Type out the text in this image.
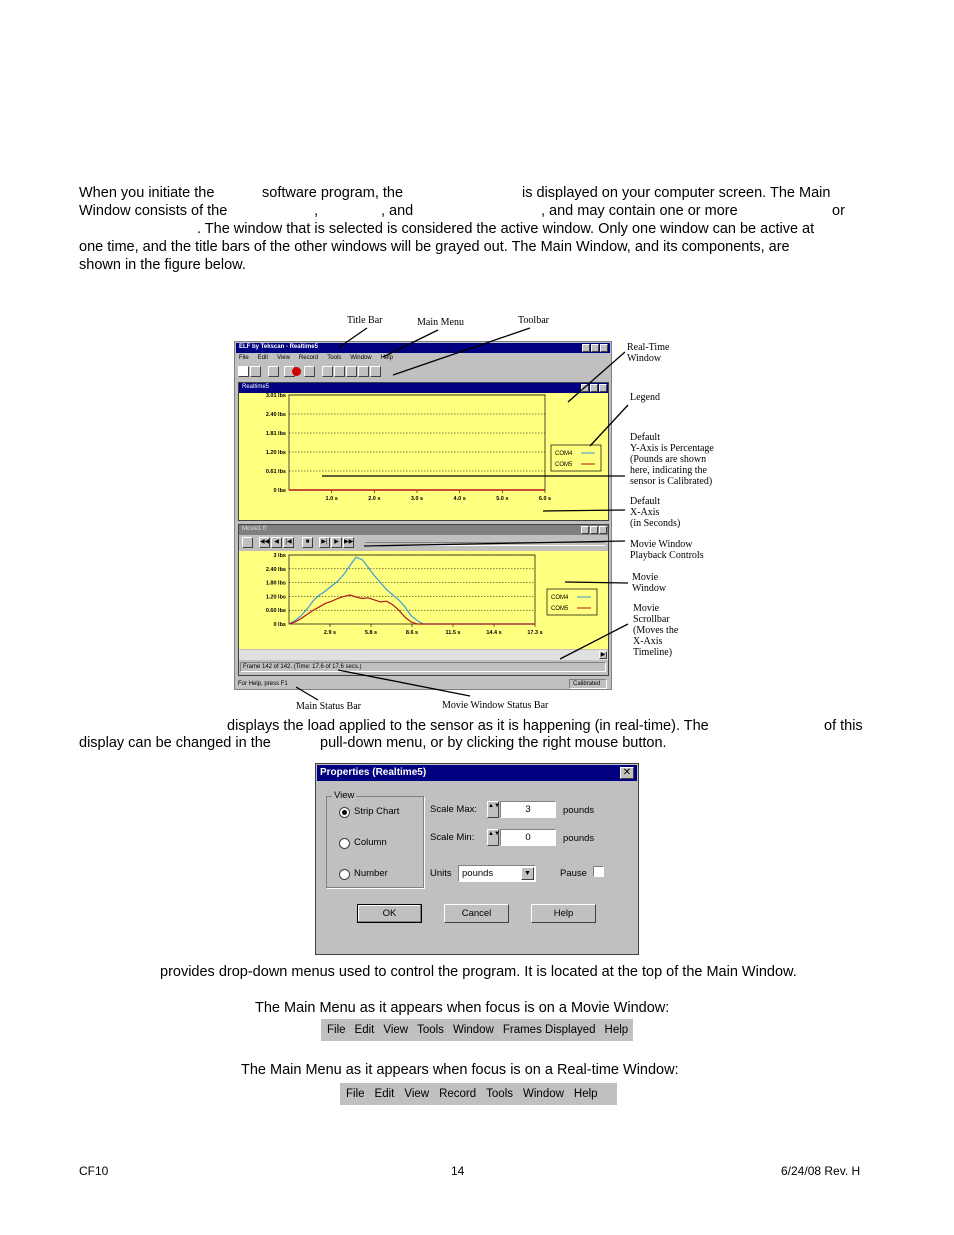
When you initiate the	software program, the	is displayed on your computer screen. The Main
Window consists of the	,	, and	, and may contain one or more	or
. The window that is selected is considered the active window. Only one window can be active at
one time, and the title bars of the other windows will be grayed out. The Main Window, and its components, are
shown in the figure below.
Title Bar	Main Menu	Toolbar
Real-Time
Window
Legend
Default
Y-Axis is Percentage
(Pounds are shown
here, indicating the
sensor is Calibrated)
Default
X-Axis
(in Seconds)
Movie Window
Playback Controls
Movie
Window
Movie
Scrollbar
(Moves the
X-Axis
Timeline)
Main Status Bar	Movie Window Status Bar
ELF by Tekscan - Realtime5
File Edit View Record Tools Window Help
Realtime5
3.01 lbs
2.40 lbs
1.81 lbs
1.20 lbs
0.61 lbs
0 lbs
1.0 s	2.0 s	3.0 s	4.0 s	5.0 s	6.0 s
COM4
COM5
Movie1.fl
◀◀ ◀	|◀	■	▶|	▶ ▶▶
3 lbs
2.40 lbs
1.80 lbs
1.20 lbs
0.60 lbs
0 lbs
2.9 s	5.8 s	8.6 s	11.5 s	14.4 s	17.3 s
COM4
COM5
▶
Frame 142 of 142. (Time: 17.6 of 17.6 secs.)
For Help, press F1	Calibrated
displays the load applied to the sensor as it is happening (in real-time). The	of this
display can be changed in the	pull-down menu, or by clicking the right mouse button.
Properties (Realtime5)	✕
View
Strip Chart
Column
Number
Scale Max: ▲▼	3	pounds
Scale Min: ▲▼	0	pounds
Units pounds	▼	Pause
OK	Cancel	Help
provides drop-down menus used to control the program. It is located at the top of the Main Window.
The Main Menu as it appears when focus is on a Movie Window:
File Edit View Tools Window Frames Displayed Help
The Main Menu as it appears when focus is on a Real-time Window:
File Edit View Record Tools Window Help
CF10	14	6/24/08 Rev. H
